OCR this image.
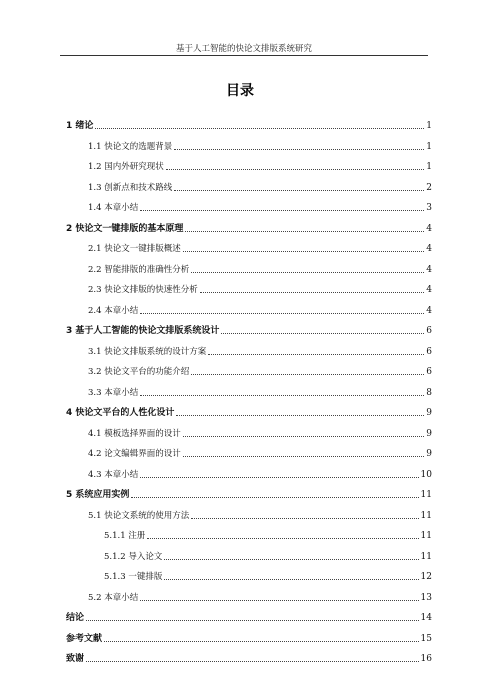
基于人工智能的快论文排版系统研究
目录
1 绪论	1
1.1 快论文的选题背景	1
1.2 国内外研究现状	1
1.3 创新点和技术路线	2
1.4 本章小结	3
2 快论文一键排版的基本原理	4
2.1 快论文一键排版概述	4
2.2 智能排版的准确性分析	4
2.3 快论文排版的快速性分析	4
2.4 本章小结	4
3 基于人工智能的快论文排版系统设计	6
3.1 快论文排版系统的设计方案	6
3.2 快论文平台的功能介绍	6
3.3 本章小结	8
4 快论文平台的人性化设计	9
4.1 模板选择界面的设计	9
4.2 论文编辑界面的设计	9
4.3 本章小结	10
5 系统应用实例	11
5.1 快论文系统的使用方法	11
5.1.1 注册	11
5.1.2 导入论文	11
5.1.3 一键排版	12
5.2 本章小结	13
结论	14
参考文献	15
致谢	16
